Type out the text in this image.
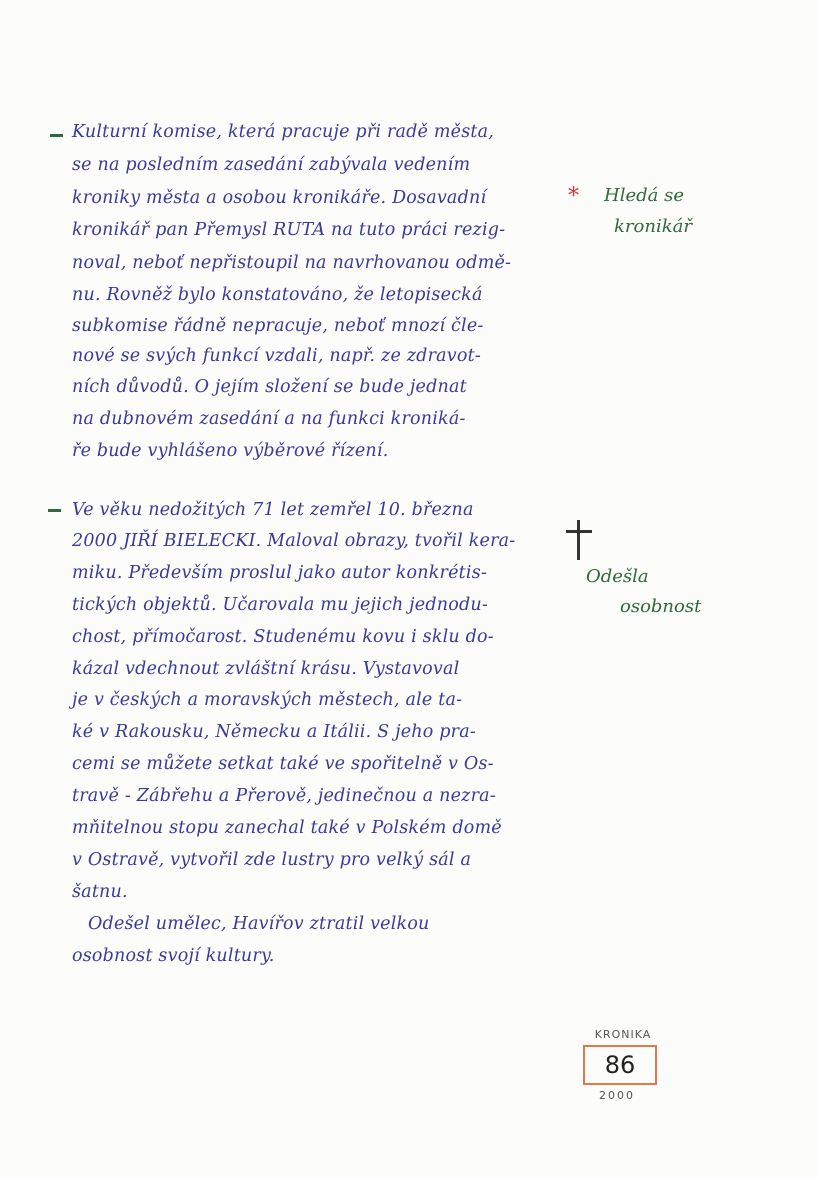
Kulturní komise, která pracuje při radě města,
se na posledním zasedání zabývala vedením
kroniky města a osobou kronikáře. Dosavadní
kronikář pan Přemysl RUTA na tuto práci rezig-
noval, neboť nepřistoupil na navrhovanou odmě-
nu. Rovněž bylo konstatováno, že letopisecká
subkomise řádně nepracuje, neboť mnozí čle-
nové se svých funkcí vzdali, např. ze zdravot-
ních důvodů. O jejím složení se bude jednat
na dubnovém zasedání a na funkci kroniká-
ře bude vyhlášeno výběrové řízení.
* Hledá se
kronikář
Ve věku nedožitých 71 let zemřel 10. března
2000 JIŘÍ BIELECKI. Maloval obrazy, tvořil kera-
miku. Především proslul jako autor konkrétis-
tických objektů. Učarovala mu jejich jednodu-
chost, přímočarost. Studenému kovu i sklu do-
kázal vdechnout zvláštní krásu. Vystavoval
je v českých a moravských městech, ale ta-
ké v Rakousku, Německu a Itálii. S jeho pra-
cemi se můžete setkat také ve spořitelně v Os-
travě - Zábřehu a Přerově, jedinečnou a nezra-
mňitelnou stopu zanechal také v Polském domě
v Ostravě, vytvořil zde lustry pro velký sál a
šatnu.
Odešel umělec, Havířov ztratil velkou
osobnost svojí kultury.
Odešla
osobnost
KRONIKA
86
2000
